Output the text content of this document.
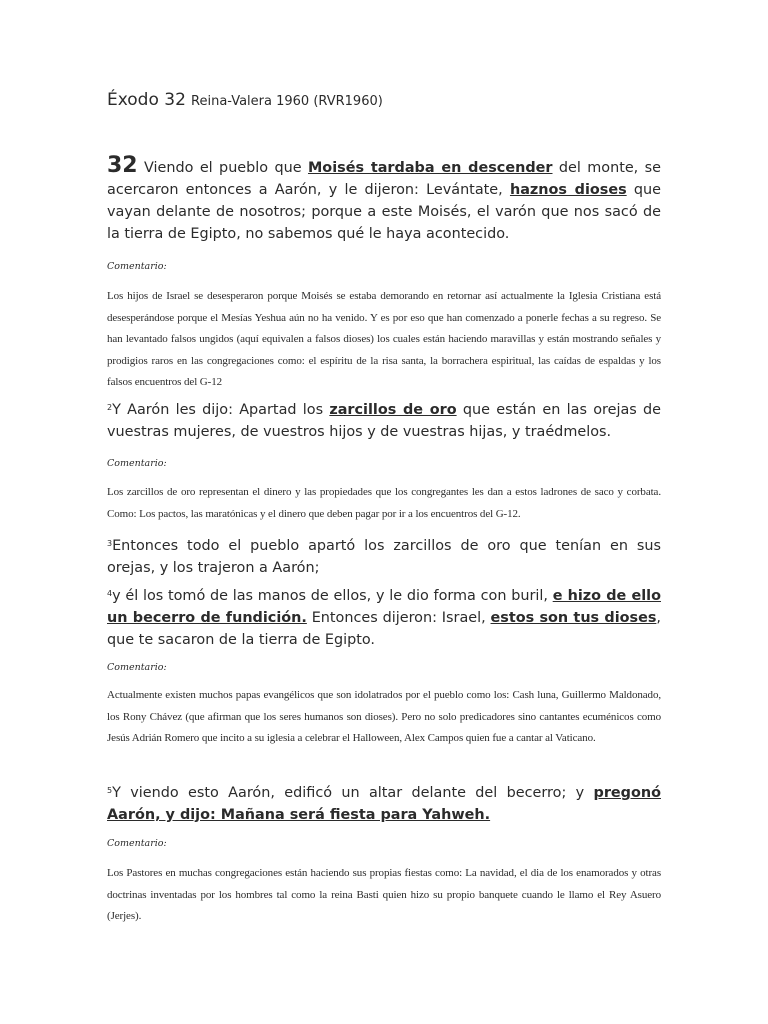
Éxodo 32 Reina-Valera 1960 (RVR1960)
32 Viendo el pueblo que Moisés tardaba en descender del monte, se acercaron entonces a Aarón, y le dijeron: Levántate, haznos dioses que vayan delante de nosotros; porque a este Moisés, el varón que nos sacó de la tierra de Egipto, no sabemos qué le haya acontecido.
Comentario:
Los hijos de Israel se desesperaron porque Moisés se estaba demorando en retornar así actualmente la Iglesia Cristiana está desesperándose porque el Mesías Yeshua aún no ha venido. Y es por eso que han comenzado a ponerle fechas a su regreso. Se han levantado falsos ungidos (aquí equivalen a falsos dioses) los cuales están haciendo maravillas y están mostrando señales y prodigios raros en las congregaciones como: el espíritu de la risa santa, la borrachera espiritual, las caídas de espaldas y los falsos encuentros del G-12
$^2$Y Aarón les dijo: Apartad los zarcillos de oro que están en las orejas de vuestras mujeres, de vuestros hijos y de vuestras hijas, y traédmelos.
Comentario:
Los zarcillos de oro representan el dinero y las propiedades que los congregantes les dan a estos ladrones de saco y corbata. Como: Los pactos, las maratónicas y el dinero que deben pagar por ir a los encuentros del G-12.
$^3$Entonces todo el pueblo apartó los zarcillos de oro que tenían en sus orejas, y los trajeron a Aarón;
$^4$y él los tomó de las manos de ellos, y le dio forma con buril, e hizo de ello un becerro de fundición. Entonces dijeron: Israel, estos son tus dioses, que te sacaron de la tierra de Egipto.
Comentario:
Actualmente existen muchos papas evangélicos que son idolatrados por el pueblo como los: Cash luna, Guillermo Maldonado, los Rony Chávez (que afirman que los seres humanos son dioses). Pero no solo predicadores sino cantantes ecuménicos como Jesús Adrián Romero que incito a su iglesia a celebrar el Halloween, Alex Campos quien fue a cantar al Vaticano.
$^5$Y viendo esto Aarón, edificó un altar delante del becerro; y pregonó Aarón, y dijo: Mañana será fiesta para Yahweh.
Comentario:
Los Pastores en muchas congregaciones están haciendo sus propias fiestas como: La navidad, el dia de los enamorados y otras doctrinas inventadas por los hombres tal como la reina Basti quien hizo su propio banquete cuando le llamo el Rey Asuero (Jerjes).
